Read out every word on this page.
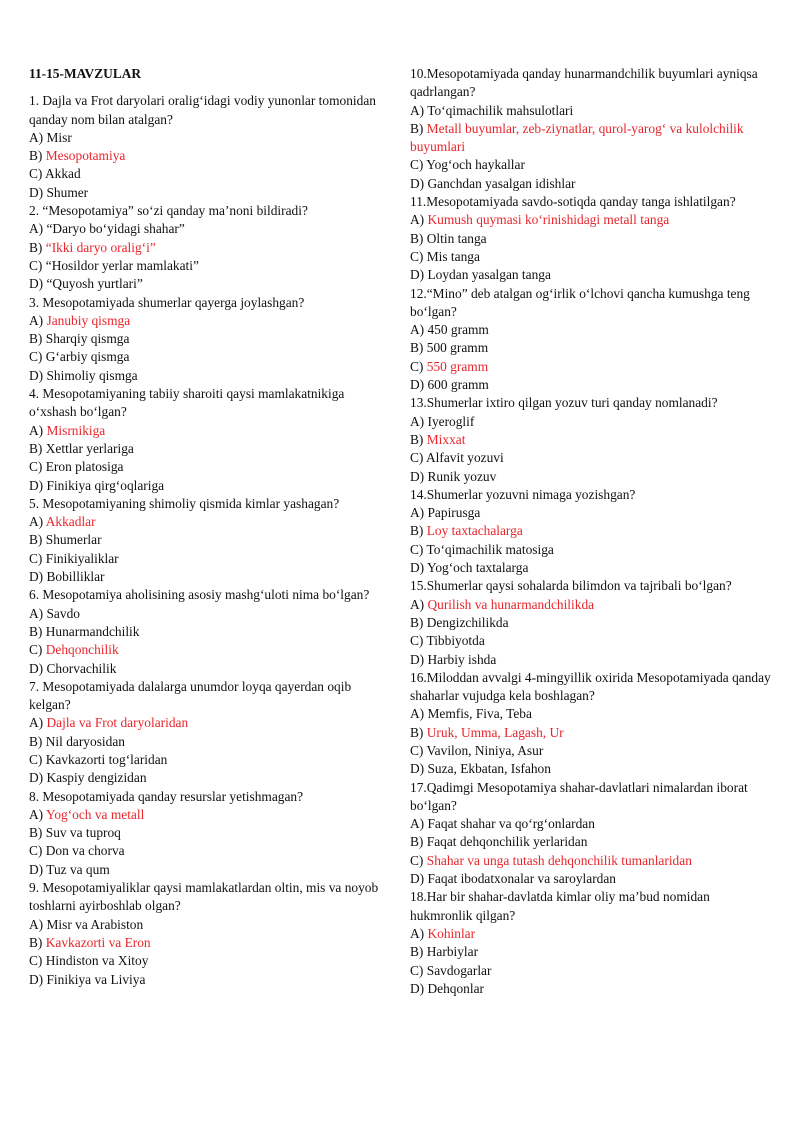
11-15-MAVZULAR
1. Dajla va Frot daryolari oralig‘idagi vodiy yunonlar tomonidan qanday nom bilan atalgan?
A) Misr
B) Mesopotamiya
C) Akkad
D) Shumer
2. “Mesopotamiya” so‘zi qanday ma’noni bildiradi?
A) “Daryo bo‘yidagi shahar”
B) “Ikki daryo oralig‘i”
C) “Hosildor yerlar mamlakati”
D) “Quyosh yurtlari”
3. Mesopotamiyada shumerlar qayerga joylashgan?
A) Janubiy qismga
B) Sharqiy qismga
C) G‘arbiy qismga
D) Shimoliy qismga
4. Mesopotamiyaning tabiiy sharoiti qaysi mamlakatnikiga o‘xshash bo‘lgan?
A) Misrnikiga
B) Xettlar yerlariga
C) Eron platosiga
D) Finikiya qirg‘oqlariga
5. Mesopotamiyaning shimoliy qismida kimlar yashagan?
A) Akkadlar
B) Shumerlar
C) Finikiyaliklar
D) Bobilliklar
6. Mesopotamiya aholisining asosiy mashg‘uloti nima bo‘lgan?
A) Savdo
B) Hunarmandchilik
C) Dehqonchilik
D) Chorvachilik
7. Mesopotamiyada dalalarga unumdor loyqa qayerdan oqib kelgan?
A) Dajla va Frot daryolaridan
B) Nil daryosidan
C) Kavkazorti tog‘laridan
D) Kaspiy dengizidan
8. Mesopotamiyada qanday resurslar yetishmagan?
A) Yog‘och va metall
B) Suv va tuproq
C) Don va chorva
D) Tuz va qum
9. Mesopotamiyaliklar qaysi mamlakatlardan oltin, mis va noyob toshlarni ayirboshlab olgan?
A) Misr va Arabiston
B) Kavkazorti va Eron
C) Hindiston va Xitoy
D) Finikiya va Liviya
10.Mesopotamiyada qanday hunarmandchilik buyumlari ayniqsa qadrlangan?
A) To‘qimachilik mahsulotlari
B) Metall buyumlar, zeb-ziynatlar, qurol-yarog‘ va kulolchilik buyumlari
C) Yog‘och haykallar
D) Ganchdan yasalgan idishlar
11.Mesopotamiyada savdo-sotiqda qanday tanga ishlatilgan?
A) Kumush quymasi ko‘rinishidagi metall tanga
B) Oltin tanga
C) Mis tanga
D) Loydan yasalgan tanga
12.“Mino” deb atalgan og‘irlik o‘lchovi qancha kumushga teng bo‘lgan?
A) 450 gramm
B) 500 gramm
C) 550 gramm
D) 600 gramm
13.Shumerlar ixtiro qilgan yozuv turi qanday nomlanadi?
A) Iyeroglif
B) Mixxat
C) Alfavit yozuvi
D) Runik yozuv
14.Shumerlar yozuvni nimaga yozishgan?
A) Papirusga
B) Loy taxtachalarga
C) To‘qimachilik matosiga
D) Yog‘och taxtalarga
15.Shumerlar qaysi sohalarda bilimdon va tajribali bo‘lgan?
A) Qurilish va hunarmandchilikda
B) Dengizchilikda
C) Tibbiyotda
D) Harbiy ishda
16.Miloddan avvalgi 4-mingyillik oxirida Mesopotamiyada qanday shaharlar vujudga kela boshlagan?
A) Memfis, Fiva, Teba
B) Uruk, Umma, Lagash, Ur
C) Vavilon, Niniya, Asur
D) Suza, Ekbatan, Isfahon
17.Qadimgi Mesopotamiya shahar-davlatlari nimalardan iborat bo‘lgan?
A) Faqat shahar va qo‘rg‘onlardan
B) Faqat dehqonchilik yerlaridan
C) Shahar va unga tutash dehqonchilik tumanlaridan
D) Faqat ibodatxonalar va saroylardan
18.Har bir shahar-davlatda kimlar oliy ma’bud nomidan hukmronlik qilgan?
A) Kohinlar
B) Harbiylar
C) Savdogarlar
D) Dehqonlar
